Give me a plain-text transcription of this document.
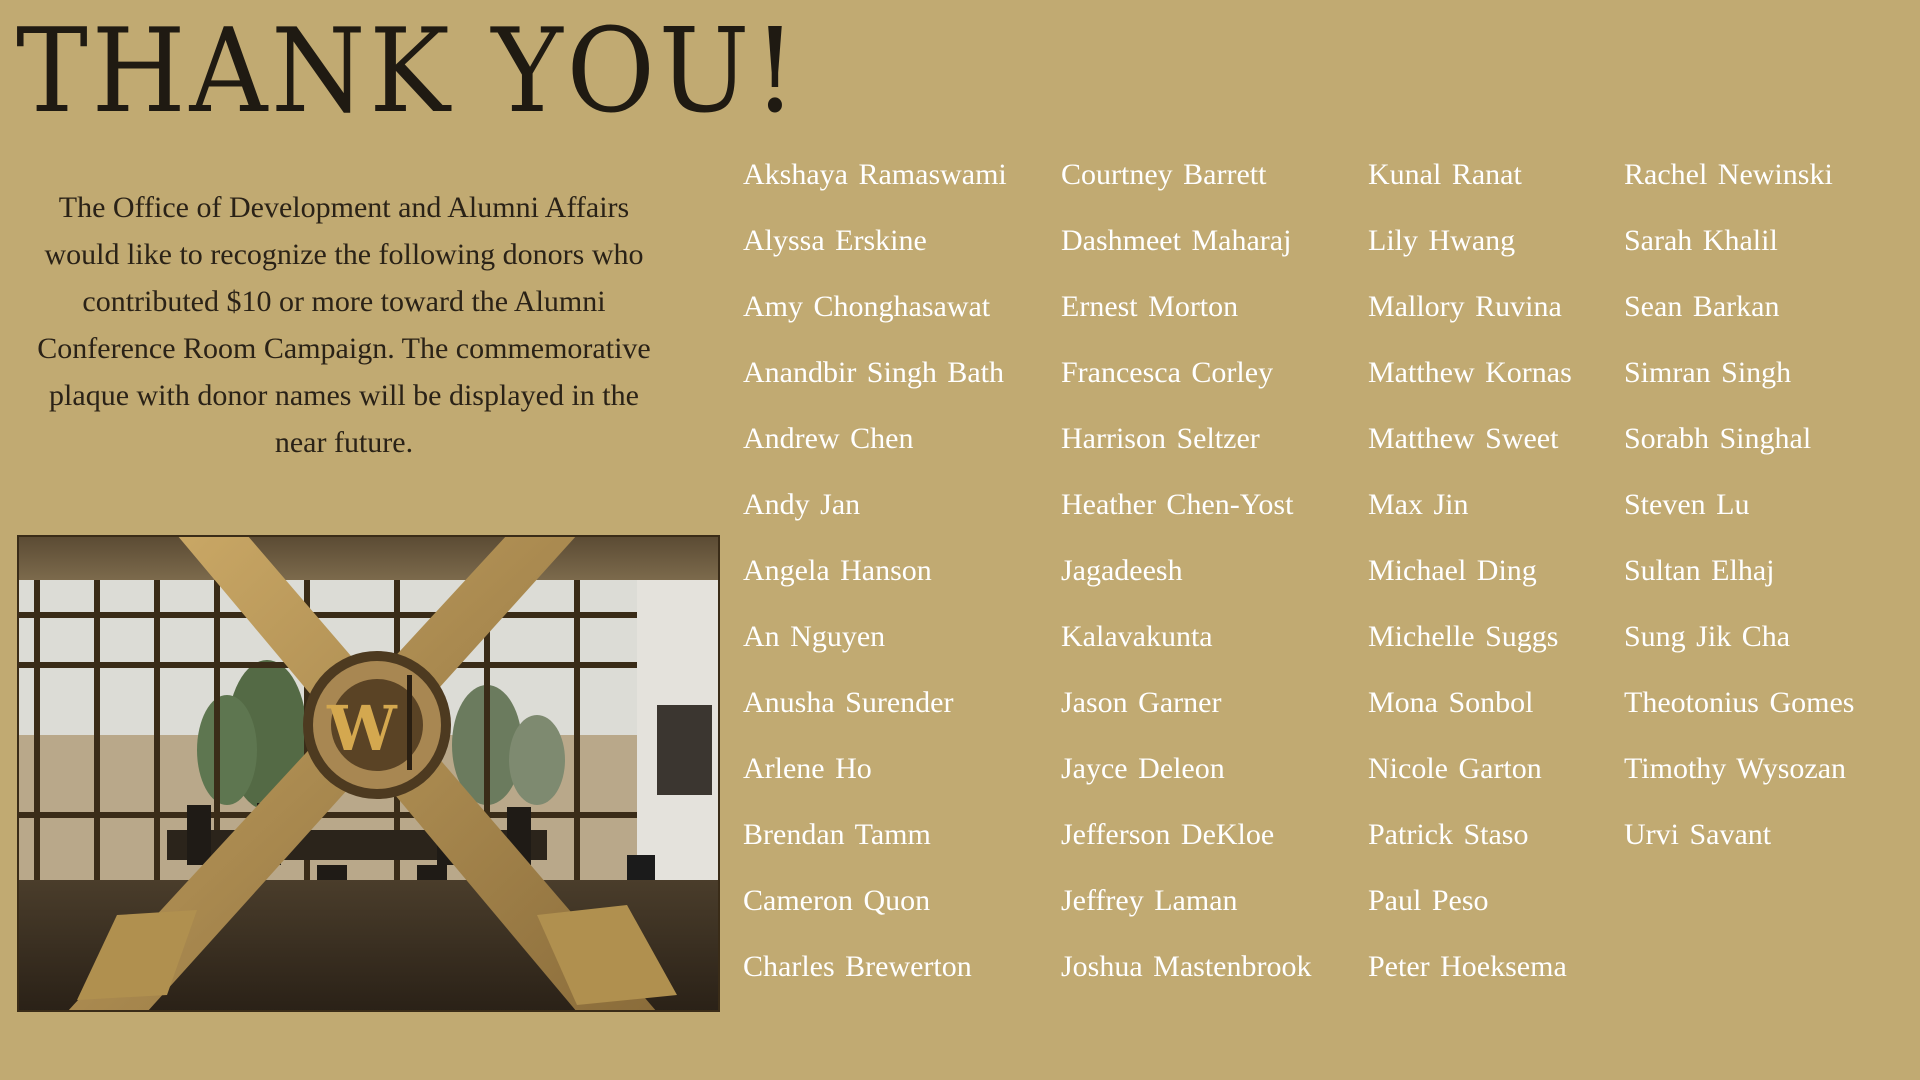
THANK YOU!

The Office of Development and Alumni Affairs would like to recognize the following donors who contributed $10 or more toward the Alumni Conference Room Campaign. The commemorative plaque with donor names will be displayed in the near future.

W
Akshaya Ramaswami
Alyssa Erskine
Amy Chonghasawat
Anandbir Singh Bath
Andrew Chen
Andy Jan
Angela Hanson
An Nguyen
Anusha Surender
Arlene Ho
Brendan Tamm
Cameron Quon
Charles Brewerton
Courtney Barrett
Dashmeet Maharaj
Ernest Morton
Francesca Corley
Harrison Seltzer
Heather Chen-Yost
Jagadeesh
Kalavakunta
Jason Garner
Jayce Deleon
Jefferson DeKloe
Jeffrey Laman
Joshua Mastenbrook
Kunal Ranat
Lily Hwang
Mallory Ruvina
Matthew Kornas
Matthew Sweet
Max Jin
Michael Ding
Michelle Suggs
Mona Sonbol
Nicole Garton
Patrick Staso
Paul Peso
Peter Hoeksema
Rachel Newinski
Sarah Khalil
Sean Barkan
Simran Singh
Sorabh Singhal
Steven Lu
Sultan Elhaj
Sung Jik Cha
Theotonius Gomes
Timothy Wysozan
Urvi Savant
